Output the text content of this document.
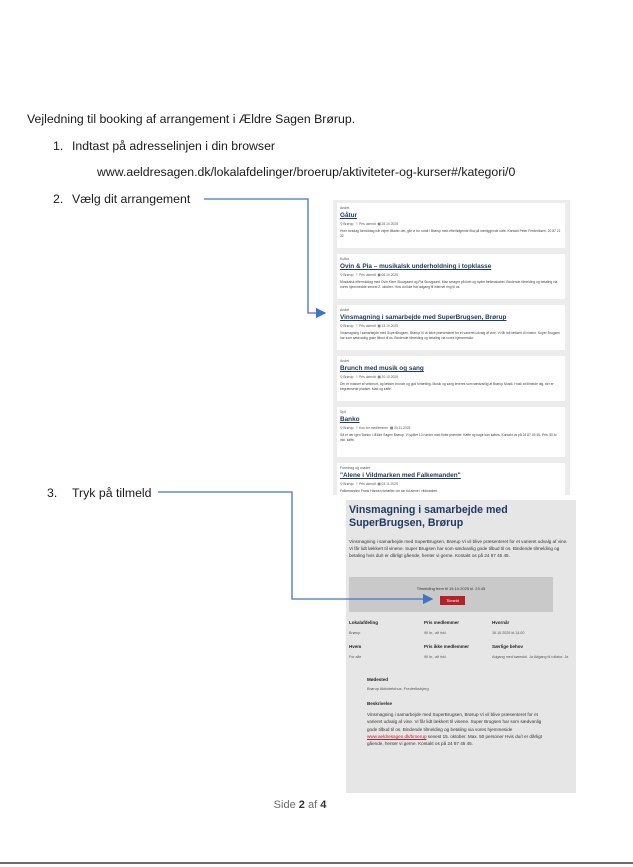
Vejledning til booking af arrangement i Ældre Sagen Brørup.
1. Indtast på adresselinjen i din browser
www.aeldresagen.dk/lokalafdelinger/broerup/aktiviteter-og-kurser#/kategori/0
2. Vælg dit arrangement
3. Tryk på tilmeld
Andet
Gåtur
⚲ Brørup ⚐ Pris ukendt ▦ 28.10.2025
Hver torsdag formiddag når vejret tillader det, går vi tur rundt i Brørup med efterfølgende fika på nærliggende café. Kontakt Peter Frederiksen, 20 87 21 32
Kultur
Ovin & Pia – musikalsk underholdning i topklasse
⚲ Brørup ⚐ Pris ukendt ▦ 06.10.2025
Musikalsk eftermiddag med Ovin Klem Skovgaard og Pia Skovgaard. Man smager på livet og nyder fællesskabet. Bindende tilmelding og betaling via vores hjemmeside senest 2. oktober. Hvis du ikke har adgang til internet ring til os.
Andet
Vinsmagning i samarbejde med SuperBrugsen, Brørup
⚲ Brørup ⚐ Pris ukendt ▦ 13.10.2025
Vinsmagning i samarbejde med SuperBrugsen, Brørup Vi vil blive præsenteret for et varieret udvalg af vine. Vi får lidt lækkert til vinene. Super Brugsen har som sædvanlig gode tilbud til os. Bindende tilmelding og betaling via vores hjemmeside.
Andet
Brunch med musik og sang
⚲ Brørup ⚐ Pris ukendt ▦ 20.10.2025
Der er masser af velsmurt, og lækker brunch og god fortælling. Musik og sang leveres som sædvanlig af Brørup Musik. Husk at tilmelde dig, der er begrænsede pladser. Mad og kaffe.
Spil
Banko
⚲ Brørup ⚐ Kun for medlemmer ▦ 30.11.2025
Så er der igen Banko i Ældre Sagen Brørup. Vi spiller 10 runder med flotte præmier. Kaffe og kage kan købes. Kontakt os på 24 87 45 45. Pris: 50 kr. inkl. kaffe.
Foredrag og møder
"Alene i Vildmarken med Falkemanden"
⚲ Brørup ⚐ Pris ukendt ▦ 03.11.2025
Falkemanden Frank Hansen fortæller om sin tid alene i vildmarken.
Vinsmagning i samarbejde med SuperBrugsen, Brørup
Vinsmagning i samarbejde med SuperBrugsen, Brørup Vi vil blive præsenteret for et varieret udvalg af vine. Vi får lidt lækkert til vinene. Super Brugsen har som sædvanlig gode tilbud til os. Bindende tilmelding og betaling hvis du/I er dårligt gående, henter vi gerne. Kontakt os på 24 87 45 45.
Tilmelding frem til 15.10.2025 kl. 23.45
Tilmeld
Lokalafdeling
Brørup
Pris medlemmer
90 kr., alt inkl.
Hvornår
16.10.2025 kl.14.00
Hvem
For alle
Pris ikke medlemmer
90 kr., alt inkl.
Særlige behov
Adgang med kørestol. Ja Adgang til rollator. Ja
Mødested
Brørup Aktivitetshus, Frederiksbjerg
Beskrivelse
Vinsmagning i samarbejde med SuperBrugsen, Brørup Vi vil blive præsenteret for et varieret udvalg af vine. Vi får lidt lækkert til vinene. Super Brugsen har som sædvanlig gode tilbud til os. Bindende tilmelding og betaling via vores hjemmeside www.aeldresagen.dk/broerup senest 15. oktober. Max. 50 personer Hvis du/I er dårligt gående, henter vi gerne. Kontakt os på 24 87 45 45.
Side 2 af 4
